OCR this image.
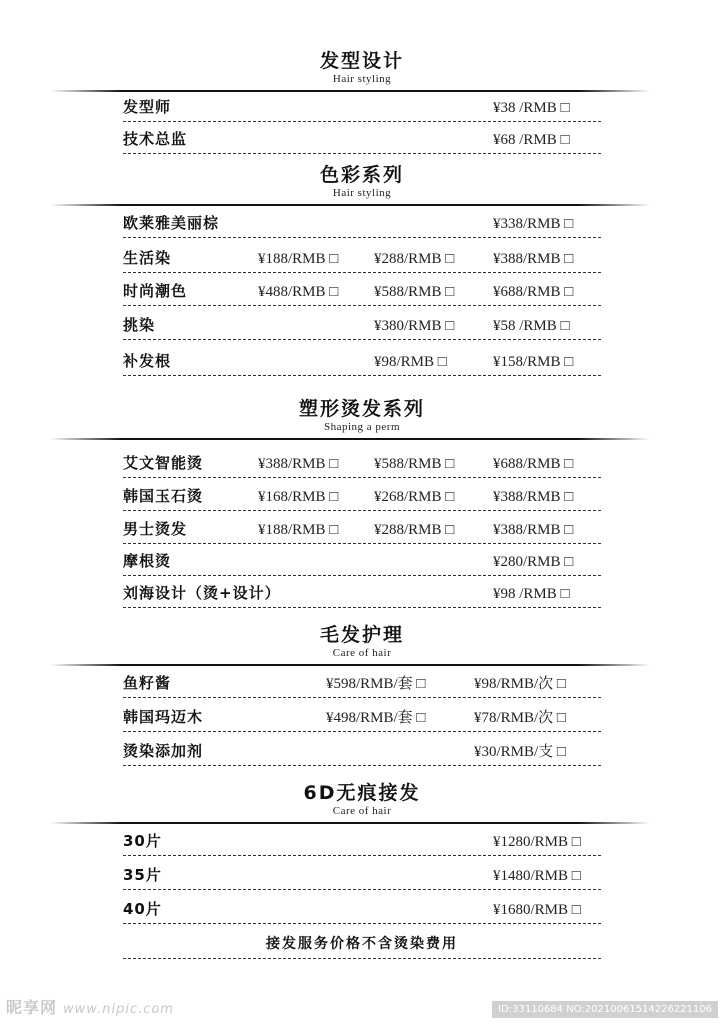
发型设计
Hair styling
发型师	¥38 /RMB □
技术总监	¥68 /RMB □
色彩系列
Hair styling
欧莱雅美丽棕	¥338/RMB □
生活染	¥188/RMB □ ¥288/RMB □	¥388/RMB □
时尚潮色	¥488/RMB □ ¥588/RMB □	¥688/RMB □
挑染	¥380/RMB □	¥58 /RMB □
补发根	¥98/RMB □	¥158/RMB □
塑形烫发系列
Shaping a perm
艾文智能烫	¥388/RMB □ ¥588/RMB □	¥688/RMB □
韩国玉石烫	¥168/RMB □ ¥268/RMB □	¥388/RMB □
男士烫发	¥188/RMB □ ¥288/RMB □	¥388/RMB □
摩根烫	¥280/RMB □
刘海设计（烫+设计）	¥98 /RMB □
毛发护理
Care of hair
鱼籽酱	¥598/RMB/套 □	¥98/RMB/次 □
韩国玛迈木	¥498/RMB/套 □	¥78/RMB/次 □
烫染添加剂	¥30/RMB/支 □
6D无痕接发
Care of hair
30片	¥1280/RMB □
35片	¥1480/RMB □
40片	¥1680/RMB □
接发服务价格不含烫染费用
昵享网 www.nipic.com	ID:33110684 NO:20210061514226221106
